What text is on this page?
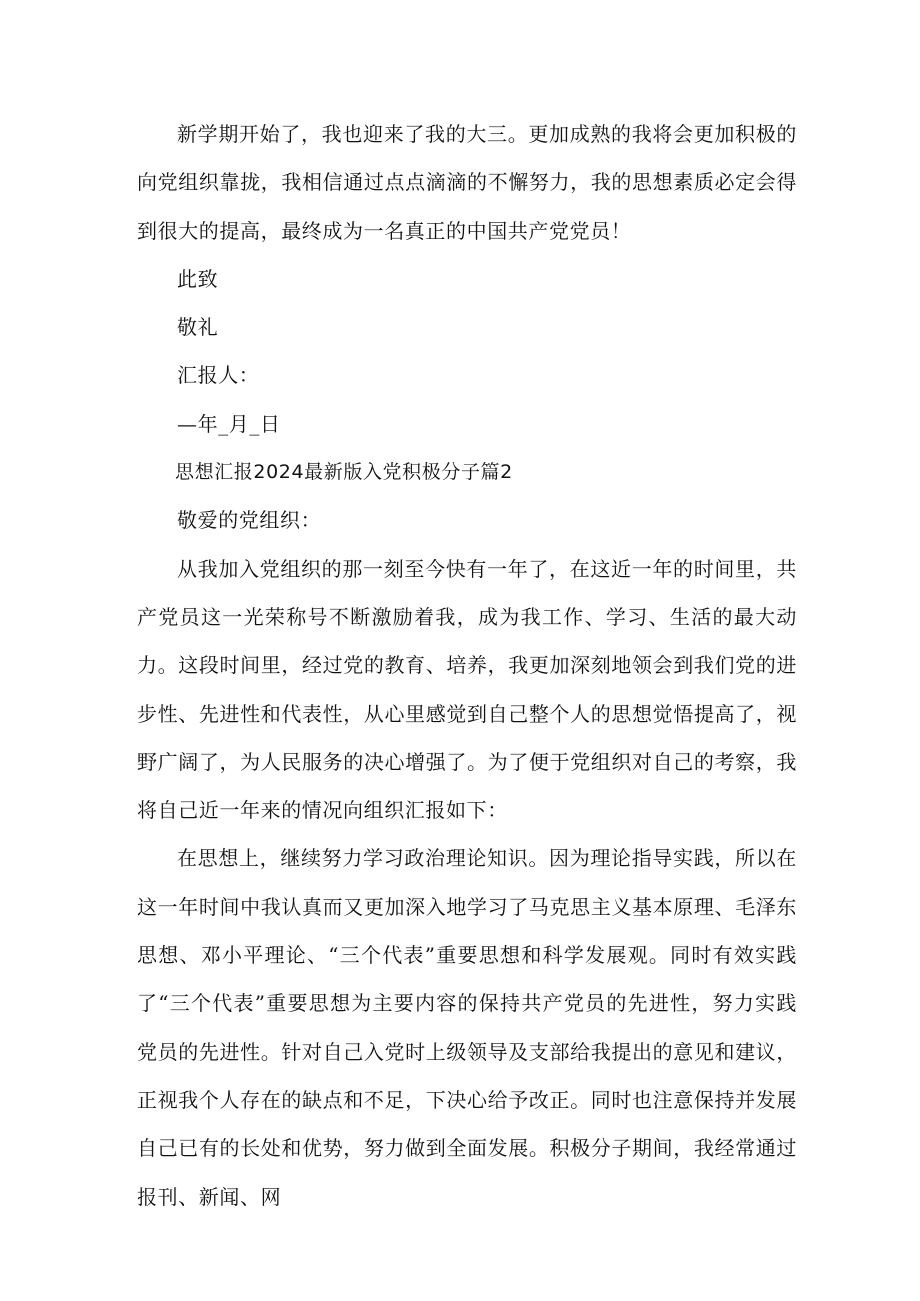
新学期开始了，我也迎来了我的大三。更加成熟的我将会更加积极的向党组织靠拢，我相信通过点点滴滴的不懈努力，我的思想素质必定会得到很大的提高，最终成为一名真正的中国共产党党员！

此致

敬礼

汇报人：

—年_月_日

思想汇报2024最新版入党积极分子篇2

敬爱的党组织：

从我加入党组织的那一刻至今快有一年了，在这近一年的时间里，共产党员这一光荣称号不断激励着我，成为我工作、学习、生活的最大动力。这段时间里，经过党的教育、培养，我更加深刻地领会到我们党的进步性、先进性和代表性，从心里感觉到自己整个人的思想觉悟提高了，视野广阔了，为人民服务的决心增强了。为了便于党组织对自己的考察，我将自己近一年来的情况向组织汇报如下：

在思想上，继续努力学习政治理论知识。因为理论指导实践，所以在这一年时间中我认真而又更加深入地学习了马克思主义基本原理、毛泽东思想、邓小平理论、“三个代表”重要思想和科学发展观。同时有效实践了“三个代表”重要思想为主要内容的保持共产党员的先进性，努力实践党员的先进性。针对自己入党时上级领导及支部给我提出的意见和建议，正视我个人存在的缺点和不足，下决心给予改正。同时也注意保持并发展自己已有的长处和优势，努力做到全面发展。积极分子期间，我经常通过报刊、新闻、网
